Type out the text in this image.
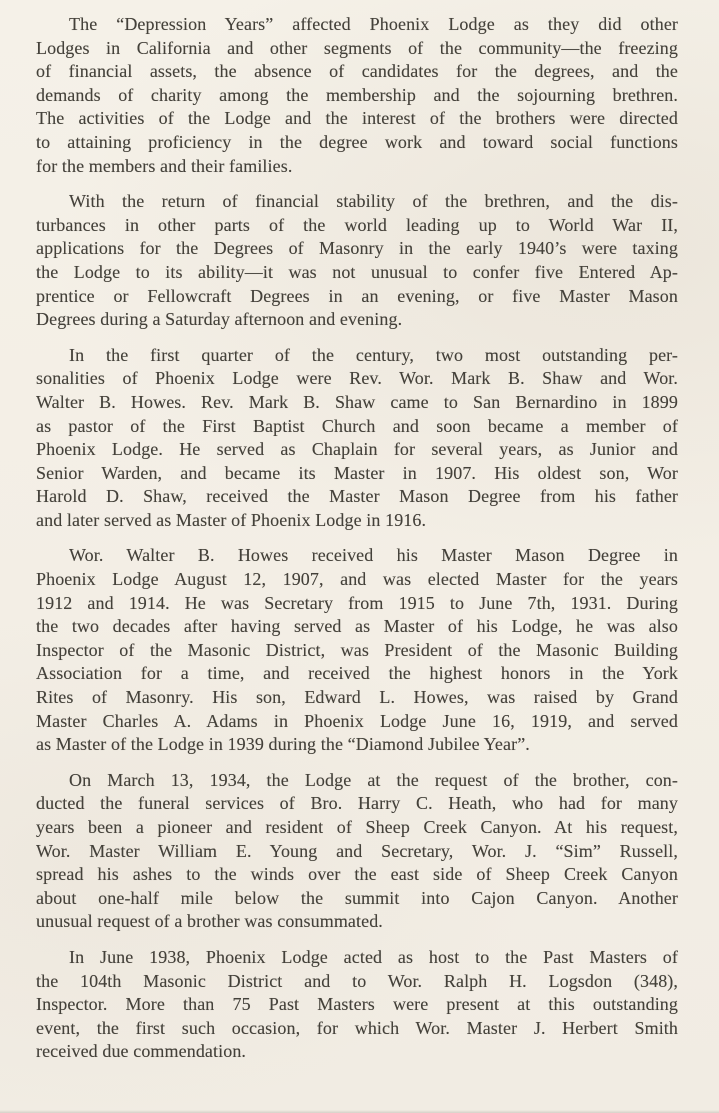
The “Depression Years” affected Phoenix Lodge as they did other
Lodges in California and other segments of the community—the freezing
of financial assets, the absence of candidates for the degrees, and the
demands of charity among the membership and the sojourning brethren.
The activities of the Lodge and the interest of the brothers were directed
to attaining proficiency in the degree work and toward social functions
for the members and their families.
With the return of financial stability of the brethren, and the dis-
turbances in other parts of the world leading up to World War II,
applications for the Degrees of Masonry in the early 1940’s were taxing
the Lodge to its ability—it was not unusual to confer five Entered Ap-
prentice or Fellowcraft Degrees in an evening, or five Master Mason
Degrees during a Saturday afternoon and evening.
In the first quarter of the century, two most outstanding per-
sonalities of Phoenix Lodge were Rev. Wor. Mark B. Shaw and Wor.
Walter B. Howes. Rev. Mark B. Shaw came to San Bernardino in 1899
as pastor of the First Baptist Church and soon became a member of
Phoenix Lodge. He served as Chaplain for several years, as Junior and
Senior Warden, and became its Master in 1907. His oldest son, Wor
Harold D. Shaw, received the Master Mason Degree from his father
and later served as Master of Phoenix Lodge in 1916.
Wor. Walter B. Howes received his Master Mason Degree in
Phoenix Lodge August 12, 1907, and was elected Master for the years
1912 and 1914. He was Secretary from 1915 to June 7th, 1931. During
the two decades after having served as Master of his Lodge, he was also
Inspector of the Masonic District, was President of the Masonic Building
Association for a time, and received the highest honors in the York
Rites of Masonry. His son, Edward L. Howes, was raised by Grand
Master Charles A. Adams in Phoenix Lodge June 16, 1919, and served
as Master of the Lodge in 1939 during the “Diamond Jubilee Year”.
On March 13, 1934, the Lodge at the request of the brother, con-
ducted the funeral services of Bro. Harry C. Heath, who had for many
years been a pioneer and resident of Sheep Creek Canyon. At his request,
Wor. Master William E. Young and Secretary, Wor. J. “Sim” Russell,
spread his ashes to the winds over the east side of Sheep Creek Canyon
about one-half mile below the summit into Cajon Canyon. Another
unusual request of a brother was consummated.
In June 1938, Phoenix Lodge acted as host to the Past Masters of
the 104th Masonic District and to Wor. Ralph H. Logsdon (348),
Inspector. More than 75 Past Masters were present at this outstanding
event, the first such occasion, for which Wor. Master J. Herbert Smith
received due commendation.
